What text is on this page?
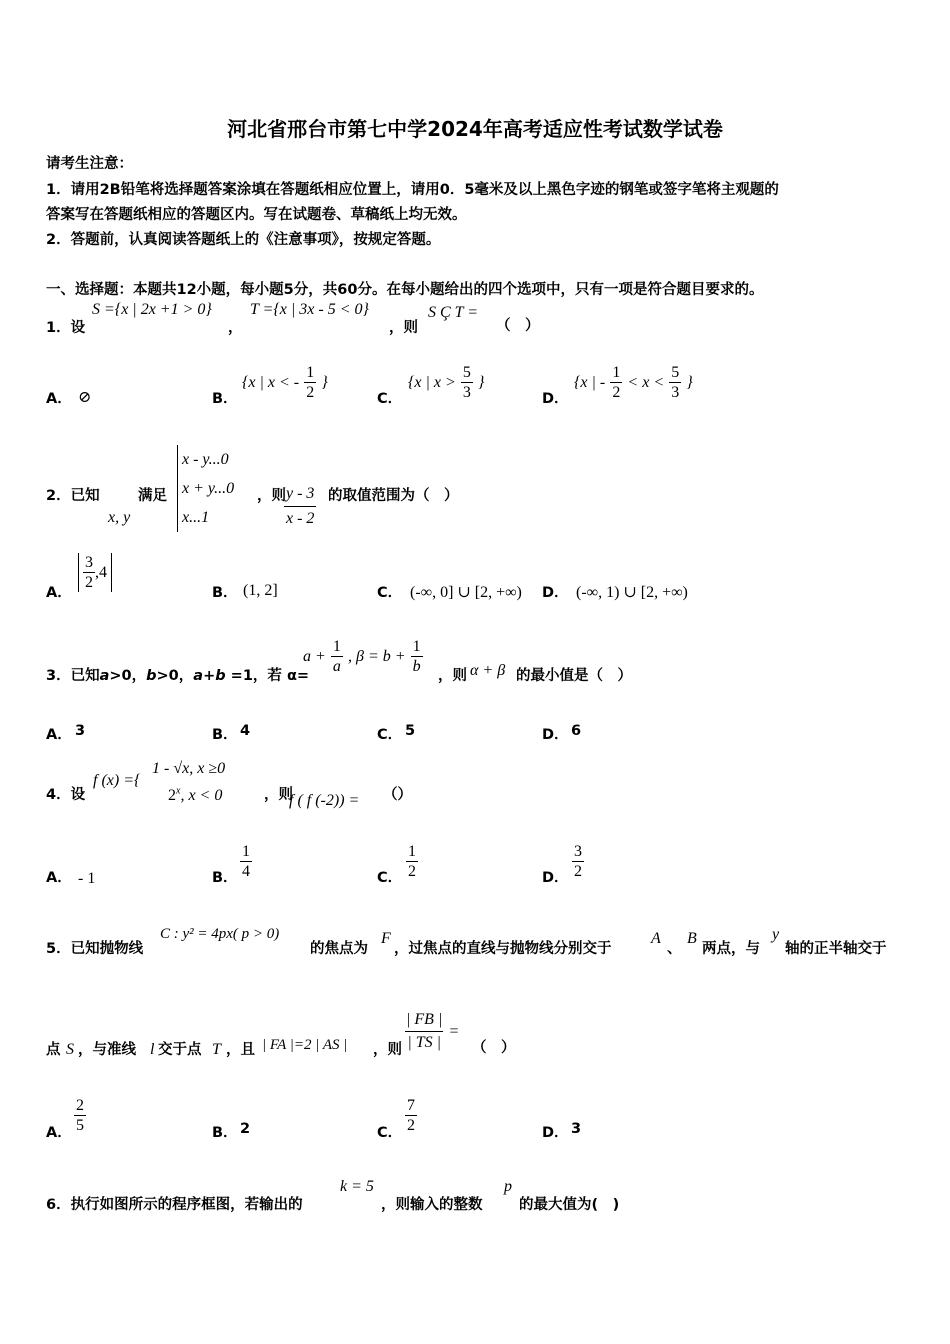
河北省邢台市第七中学2024年高考适应性考试数学试卷
请考生注意：
1．请用2B铅笔将选择题答案涂填在答题纸相应位置上，请用0．5毫米及以上黑色字迹的钢笔或签字笔将主观题的
答案写在答题纸相应的答题区内。写在试题卷、草稿纸上均无效。
2．答题前，认真阅读答题纸上的《注意事项》，按规定答题。
一、选择题：本题共12小题，每小题5分，共60分。在每小题给出的四个选项中，只有一项是符合题目要求的。
1．设
S ={x | 2x +1 > 0}
，
T ={x | 3x - 5 < 0}
，则
S Ç T =
（　）
A． ⊘	B．
{x | x < - $\frac{1}{2}$ }
C．
{x | $x > \frac{5}{3}$ }
D．
{x | - $\frac{1}{2} < x < \frac{5}{3}$ }
2．已知
x, y
满足
x - y...0
x + y...0
x...1
，则
$\frac{y - 3}{x - 2}$ 的取值范围为（　）
A．
$\frac{3}{2} ,4$
B． (1, 2]	C． (-∞, 0] ∪ [2, +∞) D． (-∞, 1) ∪ [2, +∞)
3．已知a>0，b>0，a+b =1，若 α=
$a + \frac{1}{a}$ , $\beta = b + \frac{1}{b}$ ，则 α + β 的最小值是（　）
A． 3	B． 4	C． 5	D． 6
4．设
f (x) ={
1 - √x, x ≥0
2$^x$, x < 0	，则
f ( f (-2)) = （）
A． - 1	B． $\frac{1}{4}$	C． $\frac{1}{2}$	D． $\frac{3}{2}$
5．已知抛物线
C : y² = 4px( p > 0)
的焦点为
F
，过焦点的直线与抛物线分别交于
A
、
B
两点，与
y
轴的正半轴交于
点 S ，与准线 l 交于点 T ，且 | FA |=2 | AS | ，则 $\frac{| FB |}{| TS |}$ =
（　）
A． $\frac{2}{5}$	B． 2	C． $\frac{7}{2}$	D． 3
6．执行如图所示的程序框图，若输出的
k = 5
，则输入的整数
p
的最大值为(　)
